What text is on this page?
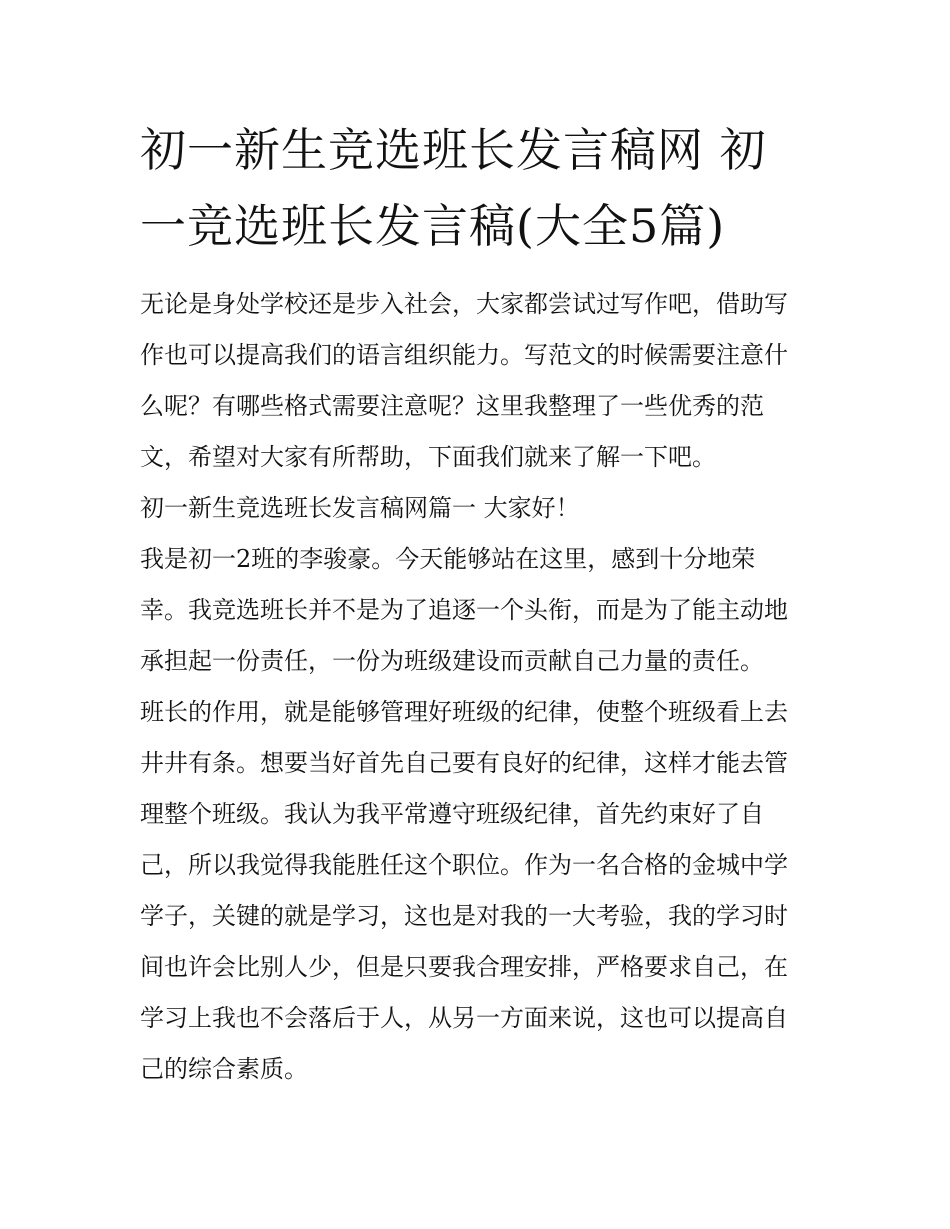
初一新生竞选班长发言稿网 初
一竞选班长发言稿(大全5篇)
无论是身处学校还是步入社会，大家都尝试过写作吧，借助写
作也可以提高我们的语言组织能力。写范文的时候需要注意什
么呢？有哪些格式需要注意呢？这里我整理了一些优秀的范
文，希望对大家有所帮助，下面我们就来了解一下吧。
初一新生竞选班长发言稿网篇一 大家好！
我是初一2班的李骏豪。今天能够站在这里，感到十分地荣
幸。我竞选班长并不是为了追逐一个头衔，而是为了能主动地
承担起一份责任，一份为班级建设而贡献自己力量的责任。
班长的作用，就是能够管理好班级的纪律，使整个班级看上去
井井有条。想要当好首先自己要有良好的纪律，这样才能去管
理整个班级。我认为我平常遵守班级纪律，首先约束好了自
己，所以我觉得我能胜任这个职位。作为一名合格的金城中学
学子，关键的就是学习，这也是对我的一大考验，我的学习时
间也许会比别人少，但是只要我合理安排，严格要求自己，在
学习上我也不会落后于人，从另一方面来说，这也可以提高自
己的综合素质。
